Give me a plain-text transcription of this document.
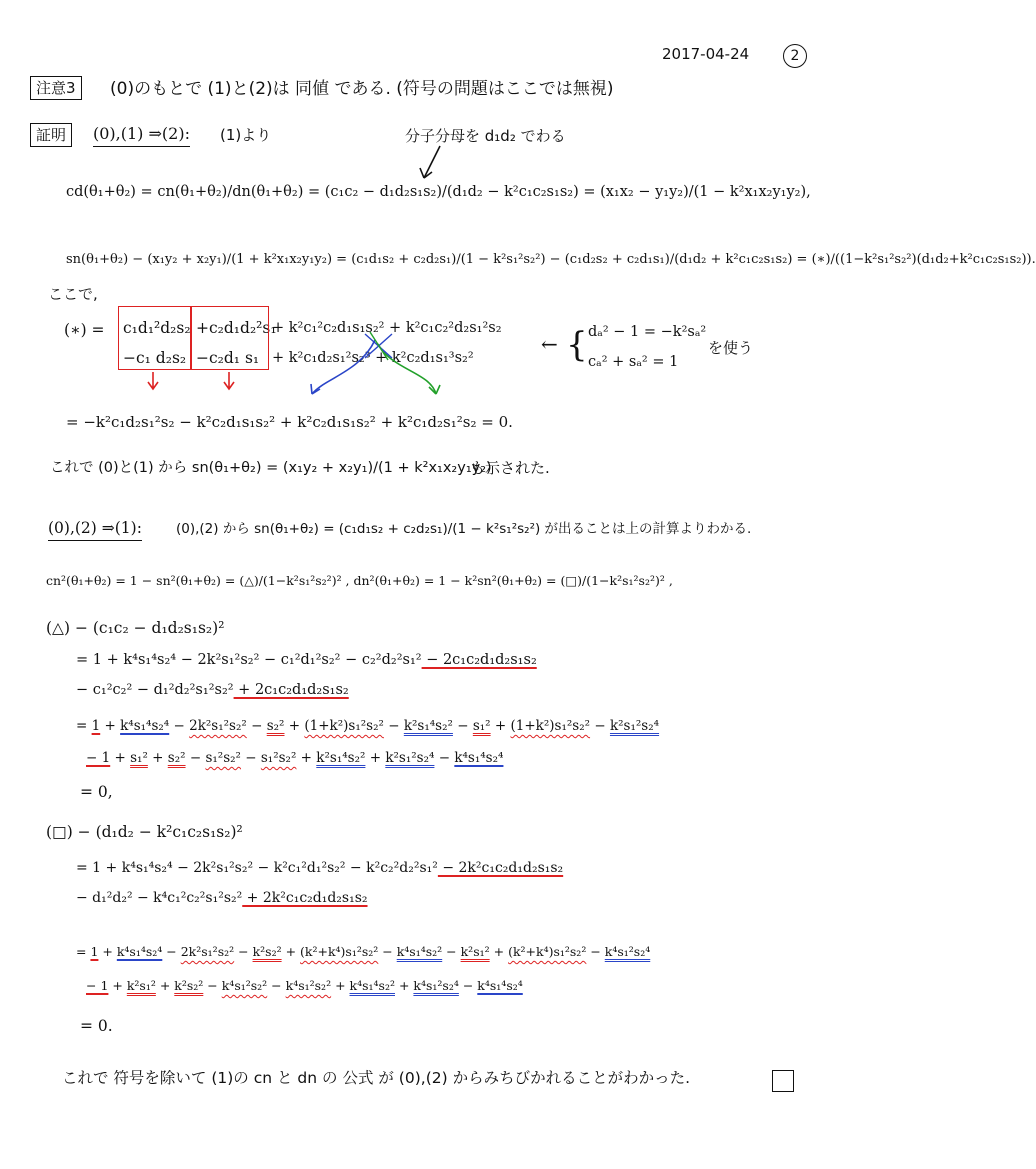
2017-04-24	2
注意3	(0)のもとで (1)と(2)は 同値 である. (符号の問題はここでは無視)
証明	(0),(1) ⇒(2): (1)より	分子分母を d₁d₂ でわる
cd(θ₁+θ₂) = cn(θ₁+θ₂)/dn(θ₁+θ₂) = (c₁c₂ − d₁d₂s₁s₂)/(d₁d₂ − k²c₁c₂s₁s₂) = (x₁x₂ − y₁y₂)/(1 − k²x₁x₂y₁y₂),
sn(θ₁+θ₂) − (x₁y₂ + x₂y₁)/(1 + k²x₁x₂y₁y₂) = (c₁d₁s₂ + c₂d₂s₁)/(1 − k²s₁²s₂²) − (c₁d₂s₂ + c₂d₁s₁)/(d₁d₂ + k²c₁c₂s₁s₂) = (∗)/((1−k²s₁²s₂²)(d₁d₂+k²c₁c₂s₁s₂)).
ここで,
(∗) = c₁d₁²d₂s₂ +c₂d₁d₂²s₁
+ k²c₁²c₂d₁s₁s₂² + k²c₁c₂²d₂s₁²s₂
−c₁ d₂s₂ −c₂d₁ s₁ + k²c₁d₂s₁²s₂³ + k²c₂d₁s₁³s₂²
← { dₐ² − 1 = −k²sₐ²
cₐ² + sₐ² = 1
を使う
= −k²c₁d₂s₁²s₂ − k²c₂d₁s₁s₂² + k²c₂d₁s₁s₂² + k²c₁d₂s₁²s₂ = 0.
これで (0)と(1) から sn(θ₁+θ₂) = (x₁y₂ + x₂y₁)/(1 + k²x₁x₂y₁y₂)
も示された.
(0),(2) ⇒(1):	(0),(2) から sn(θ₁+θ₂) = (c₁d₁s₂ + c₂d₂s₁)/(1 − k²s₁²s₂²) が出ることは上の計算よりわかる.
cn²(θ₁+θ₂) = 1 − sn²(θ₁+θ₂) = (△)/(1−k²s₁²s₂²)² , dn²(θ₁+θ₂) = 1 − k²sn²(θ₁+θ₂) = (□)/(1−k²s₁²s₂²)² ,
(△) − (c₁c₂ − d₁d₂s₁s₂)²
= 1 + k⁴s₁⁴s₂⁴ − 2k²s₁²s₂² − c₁²d₁²s₂² − c₂²d₂²s₁² − 2c₁c₂d₁d₂s₁s₂
− c₁²c₂² − d₁²d₂²s₁²s₂² + 2c₁c₂d₁d₂s₁s₂
= 1 + k⁴s₁⁴s₂⁴ − 2k²s₁²s₂² − s₂² + (1+k²)s₁²s₂² − k²s₁⁴s₂² − s₁² + (1+k²)s₁²s₂² − k²s₁²s₂⁴
− 1 + s₁² + s₂² − s₁²s₂² − s₁²s₂² + k²s₁⁴s₂² + k²s₁²s₂⁴ − k⁴s₁⁴s₂⁴
= 0,
(□) − (d₁d₂ − k²c₁c₂s₁s₂)²
= 1 + k⁴s₁⁴s₂⁴ − 2k²s₁²s₂² − k²c₁²d₁²s₂² − k²c₂²d₂²s₁² − 2k²c₁c₂d₁d₂s₁s₂
− d₁²d₂² − k⁴c₁²c₂²s₁²s₂² + 2k²c₁c₂d₁d₂s₁s₂
= 1 + k⁴s₁⁴s₂⁴ − 2k²s₁²s₂² − k²s₂² + (k²+k⁴)s₁²s₂² − k⁴s₁⁴s₂² − k²s₁² + (k²+k⁴)s₁²s₂² − k⁴s₁²s₂⁴
− 1 + k²s₁² + k²s₂² − k⁴s₁²s₂² − k⁴s₁²s₂² + k⁴s₁⁴s₂² + k⁴s₁²s₂⁴ − k⁴s₁⁴s₂⁴
= 0.
これで 符号を除いて (1)の cn と dn の 公式 が (0),(2) からみちびかれることがわかった.
